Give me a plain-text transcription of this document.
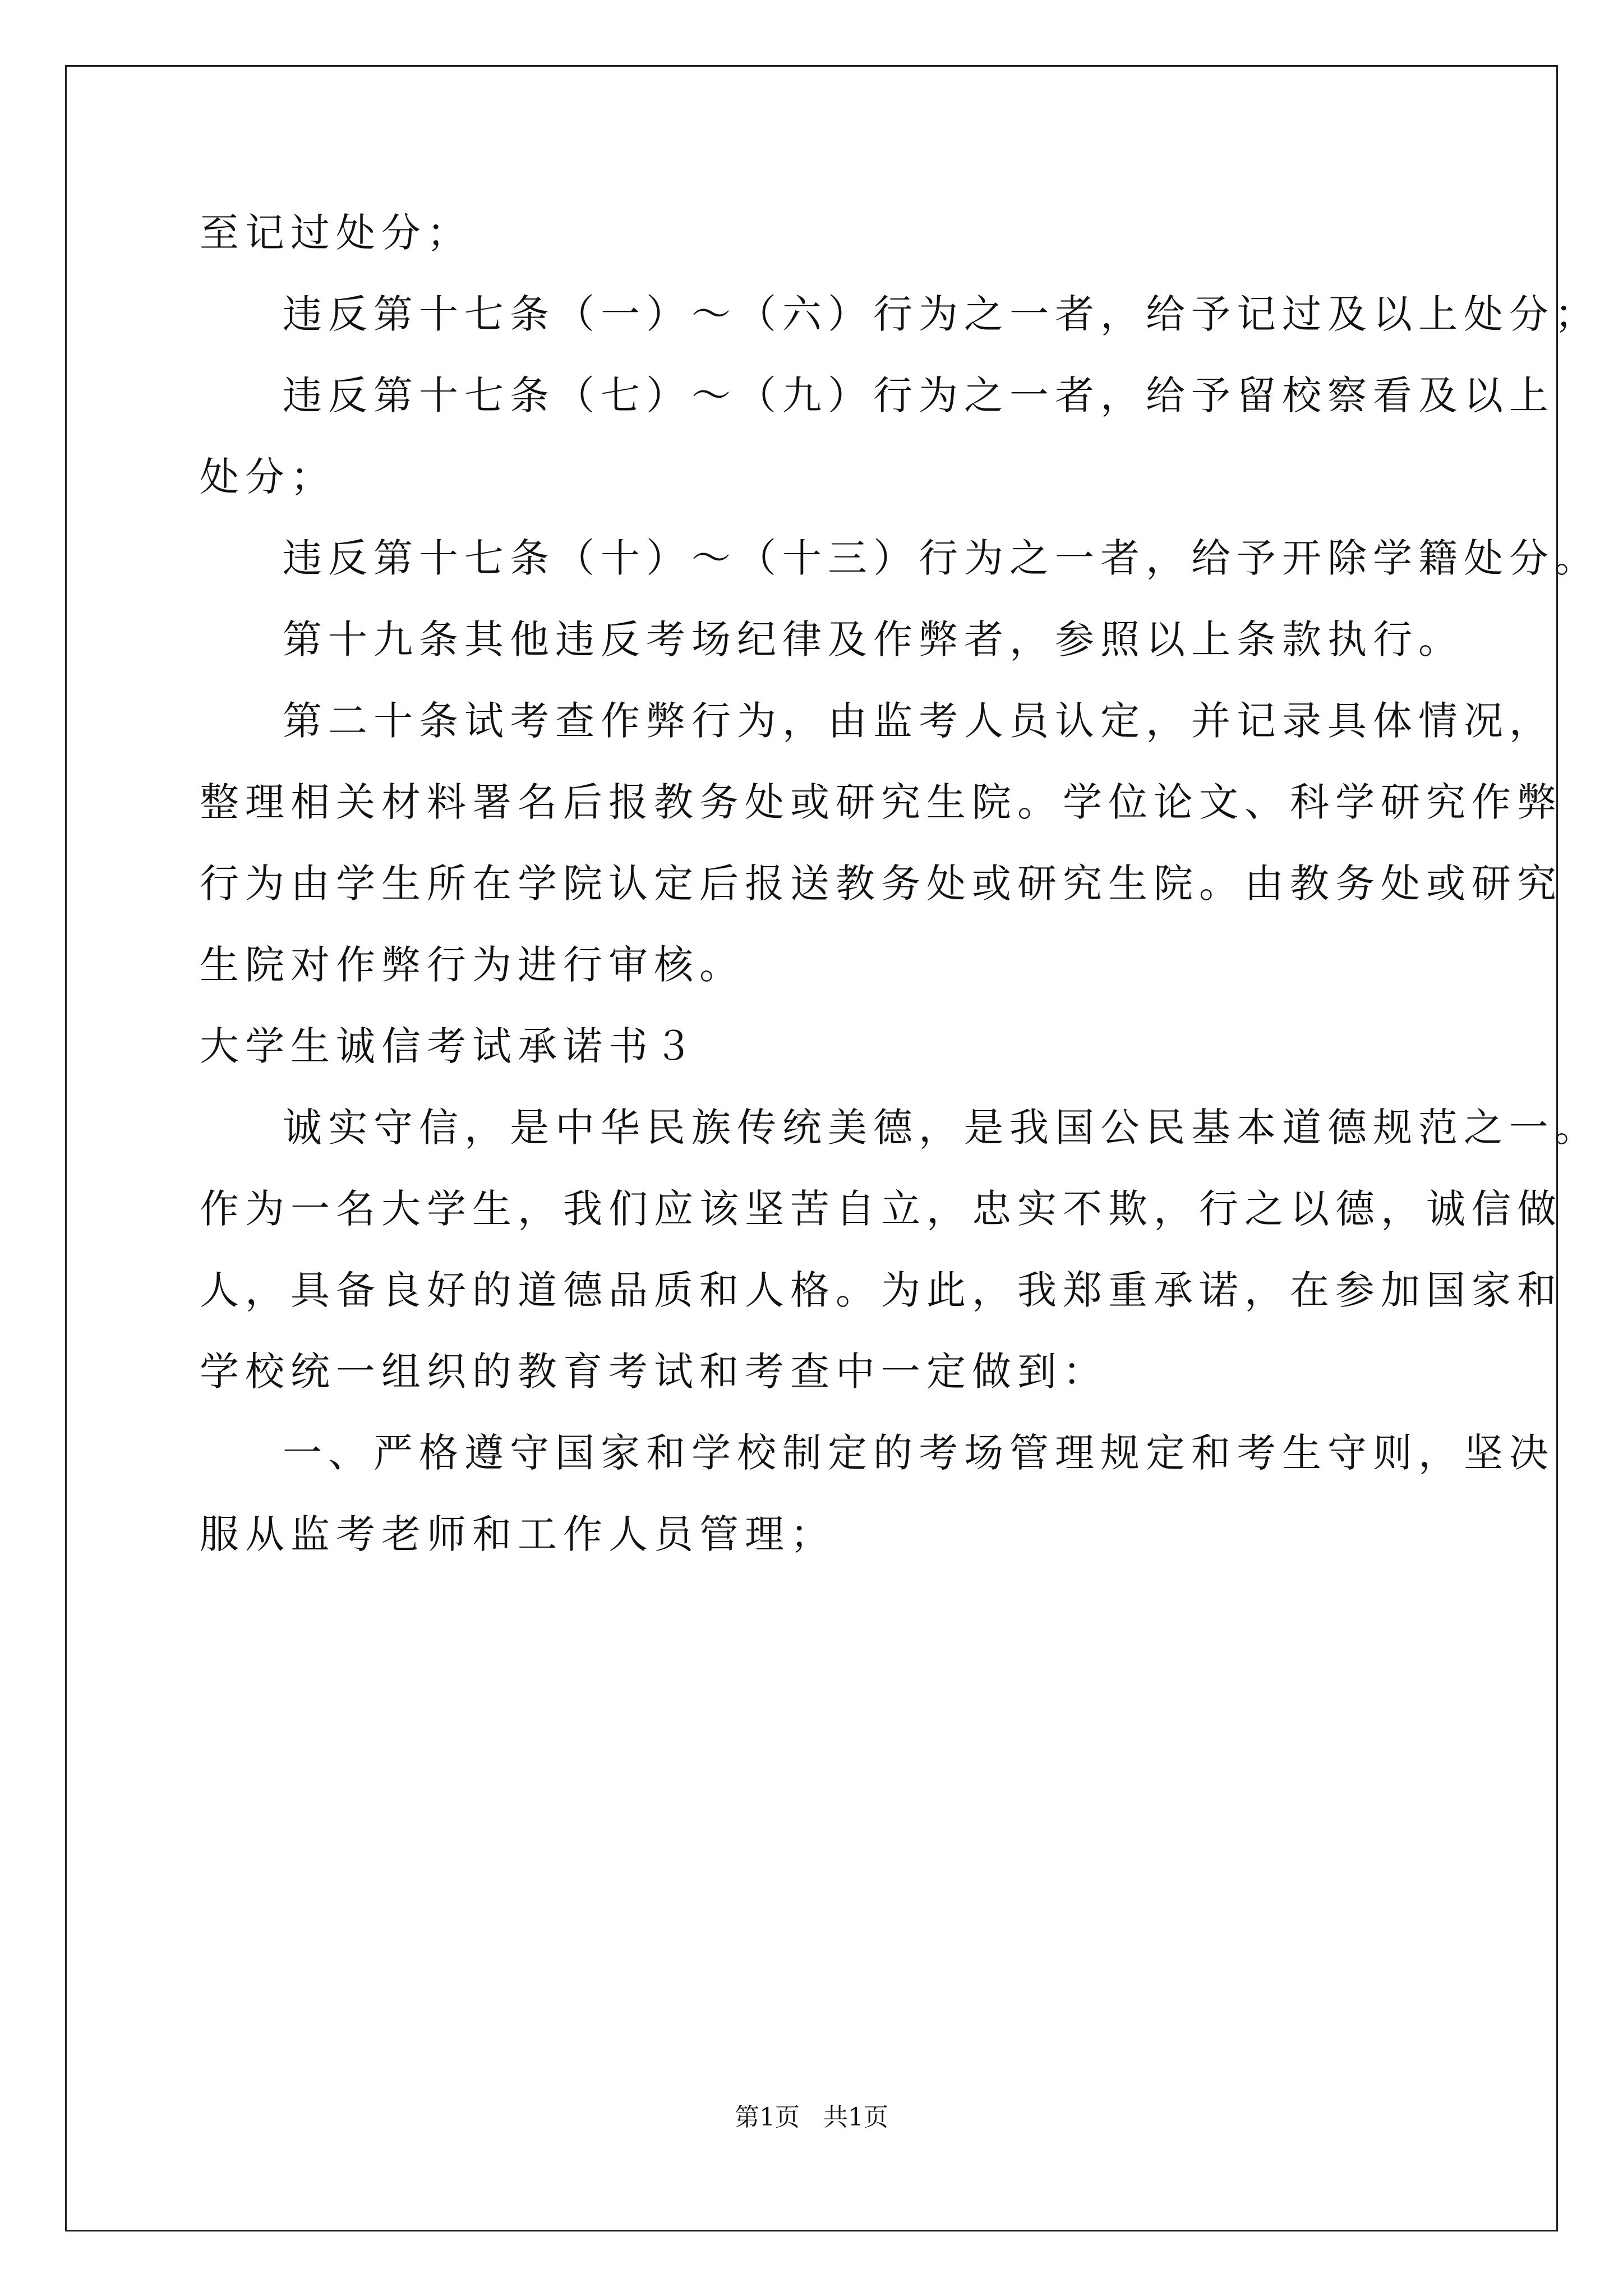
至记过处分；
违反第十七条（一）～（六）行为之一者，给予记过及以上处分；
违反第十七条（七）～（九）行为之一者，给予留校察看及以上
处分；
违反第十七条（十）～（十三）行为之一者，给予开除学籍处分。
第十九条其他违反考场纪律及作弊者，参照以上条款执行。
第二十条试考查作弊行为，由监考人员认定，并记录具体情况，
整理相关材料署名后报教务处或研究生院。学位论文、科学研究作弊
行为由学生所在学院认定后报送教务处或研究生院。由教务处或研究
生院对作弊行为进行审核。
大学生诚信考试承诺书３
诚实守信，是中华民族传统美德，是我国公民基本道德规范之一。
作为一名大学生，我们应该坚苦自立，忠实不欺，行之以德，诚信做
人，具备良好的道德品质和人格。为此，我郑重承诺，在参加国家和
学校统一组织的教育考试和考查中一定做到：
一、严格遵守国家和学校制定的考场管理规定和考生守则，坚决
服从监考老师和工作人员管理；
第1页   共1页
